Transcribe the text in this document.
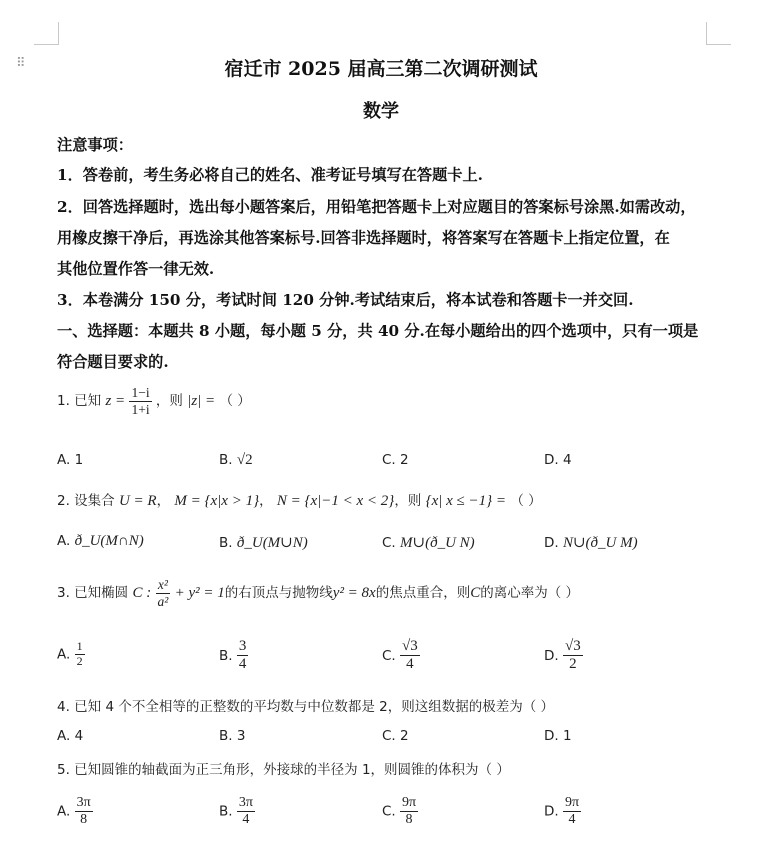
⠿	宿迁市 2025 届高三第二次调研测试
数学
注意事项：
1．答卷前，考生务必将自己的姓名、准考证号填写在答题卡上.
2．回答选择题时，选出每小题答案后，用铅笔把答题卡上对应题目的答案标号涂黑.如需改动，
用橡皮擦干净后，再选涂其他答案标号.回答非选择题时，将答案写在答题卡上指定位置，在
其他位置作答一律无效.
3．本卷满分 150 分，考试时间 120 分钟.考试结束后，将本试卷和答题卡一并交回.
一、选择题：本题共 8 小题，每小题 5 分，共 40 分.在每小题给出的四个选项中，只有一项是
符合题目要求的.
1. 已知 $z = \frac{1-i}{1+i}$ ，则 |z| = （ ）
A. 1	B. √2	C. 2	D. 4
2. 设集合 U = R， M = {x|x > 1}， N = {x|−1 < x < 2}，则 {x| x ≤ −1} = （ ）
A. ð_U(M∩N)	B. ð_U(M∪N)	C. M∪(ð_U N)	D. N∪(ð_U M)
3. 已知椭圆 C : $\frac{\text{x²}}{\text{a²}} + y^2 = 1$的右顶点与抛物线y² = 8x的焦点重合，则C的离心率为（ ）
A. $\frac{1}{2}$	B. $\frac{3}{4}$	C. $\frac{√3}{4}$	D. $\frac{√3}{2}$
4. 已知 4 个不全相等的正整数的平均数与中位数都是 2，则这组数据的极差为（ ）
A. 4	B. 3	C. 2	D. 1
5. 已知圆锥的轴截面为正三角形，外接球的半径为 1，则圆锥的体积为（ ）
A. $\frac{3\pi}{8}$	B. $\frac{3\pi}{4}$	C. $\frac{9\pi}{8}$	D. $\frac{9\pi}{4}$
